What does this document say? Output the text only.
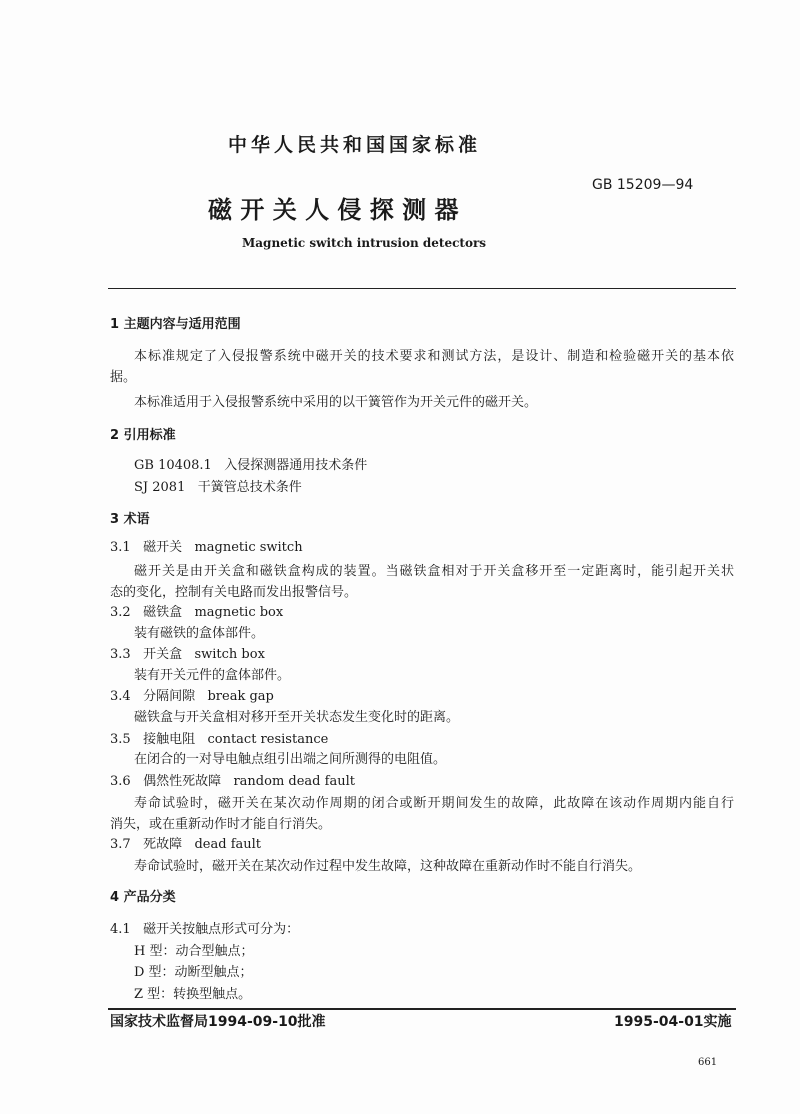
中华人民共和国国家标准
GB 15209—94
磁 开 关 人 侵 探 测 器
Magnetic switch intrusion detectors
1 主题内容与适用范围
本标准规定了入侵报警系统中磁开关的技术要求和测试方法，是设计、制造和检验磁开关的基本依
据。
本标准适用于入侵报警系统中采用的以干簧管作为开关元件的磁开关。
2 引用标准
GB 10408.1   入侵探测器通用技术条件
SJ 2081   干簧管总技术条件
3 术语
3.1   磁开关   magnetic switch
磁开关是由开关盒和磁铁盒构成的装置。当磁铁盒相对于开关盒移开至一定距离时，能引起开关状
态的变化，控制有关电路而发出报警信号。
3.2   磁铁盒   magnetic box
装有磁铁的盒体部件。
3.3   开关盒   switch box
装有开关元件的盒体部件。
3.4   分隔间隙   break gap
磁铁盒与开关盒相对移开至开关状态发生变化时的距离。
3.5   接触电阻   contact resistance
在闭合的一对导电触点组引出端之间所测得的电阻值。
3.6   偶然性死故障   random dead fault
寿命试验时，磁开关在某次动作周期的闭合或断开期间发生的故障，此故障在该动作周期内能自行
消失，或在重新动作时才能自行消失。
3.7   死故障   dead fault
寿命试验时，磁开关在某次动作过程中发生故障，这种故障在重新动作时不能自行消失。
4 产品分类
4.1   磁开关按触点形式可分为：
H 型：动合型触点；
D 型：动断型触点；
Z 型：转换型触点。
国家技术监督局1994-09-10批准	1995-04-01实施
661
